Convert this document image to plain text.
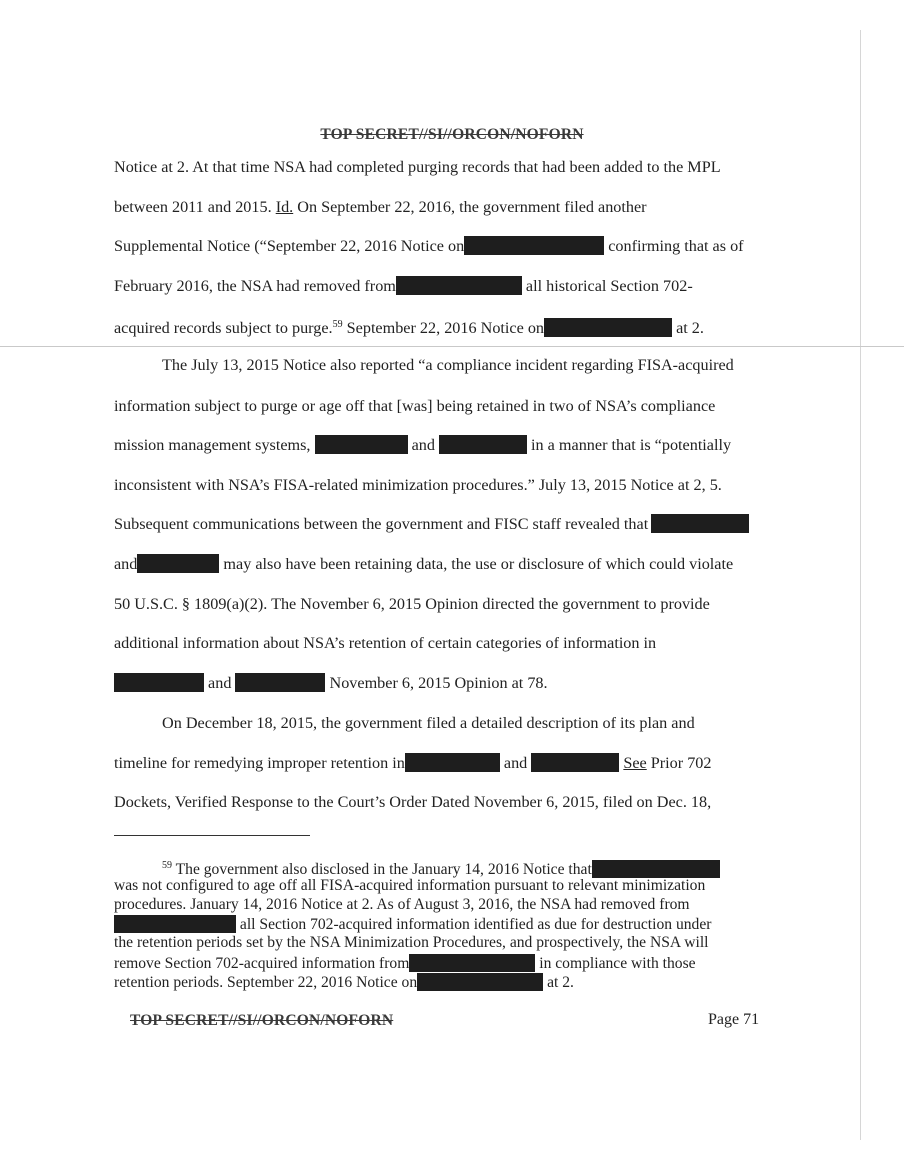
TOP SECRET//SI//ORCON/NOFORN
Notice at 2. At that time NSA had completed purging records that had been added to the MPL
between 2011 and 2015. Id. On September 22, 2016, the government filed another
Supplemental Notice (“September 22, 2016 Notice on	confirming that as of
February 2016, the NSA had removed from	all historical Section 702-
acquired records subject to purge.$^{59}$ September 22, 2016 Notice on	at 2.
The July 13, 2015 Notice also reported “a compliance incident regarding FISA-acquired
information subject to purge or age off that [was] being retained in two of NSA’s compliance
mission management systems,	and	in a manner that is “potentially
inconsistent with NSA’s FISA-related minimization procedures.” July 13, 2015 Notice at 2, 5.
Subsequent communications between the government and FISC staff revealed that
and	may also have been retaining data, the use or disclosure of which could violate
50 U.S.C. § 1809(a)(2). The November 6, 2015 Opinion directed the government to provide
additional information about NSA’s retention of certain categories of information in
and	November 6, 2015 Opinion at 78.
On December 18, 2015, the government filed a detailed description of its plan and
timeline for remedying improper retention in	and	See Prior 702
Dockets, Verified Response to the Court’s Order Dated November 6, 2015, filed on Dec. 18,
$^{59}$ The government also disclosed in the January 14, 2016 Notice that
was not configured to age off all FISA-acquired information pursuant to relevant minimization
procedures. January 14, 2016 Notice at 2. As of August 3, 2016, the NSA had removed from
all Section 702-acquired information identified as due for destruction under
the retention periods set by the NSA Minimization Procedures, and prospectively, the NSA will
remove Section 702-acquired information from	in compliance with those
retention periods. September 22, 2016 Notice on	at 2.
TOP SECRET//SI//ORCON/NOFORN	Page 71
